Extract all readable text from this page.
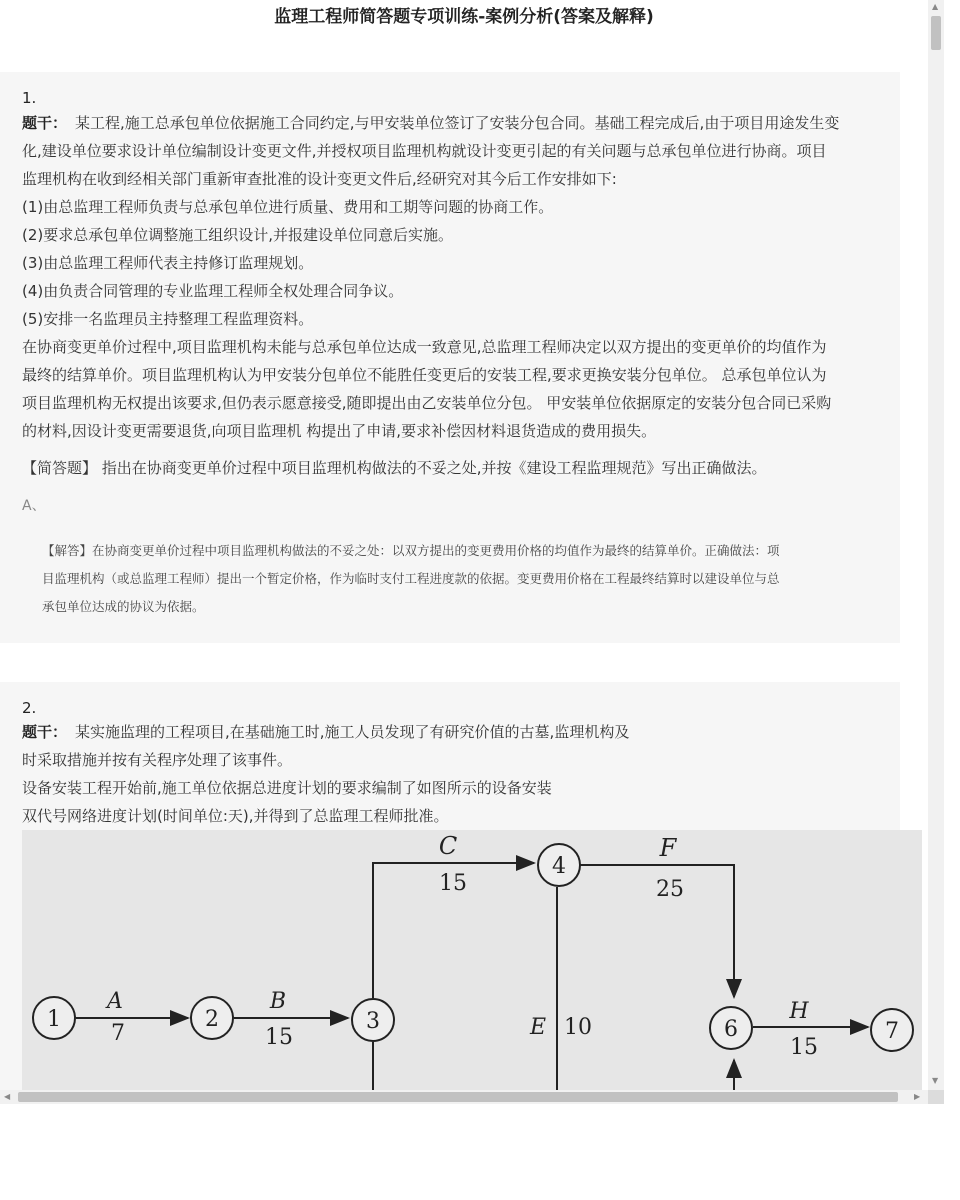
监理工程师简答题专项训练-案例分析(答案及解释)
1.

题干： 某工程,施工总承包单位依据施工合同约定,与甲安装单位签订了安装分包合同。基础工程完成后,由于项目用途发生变

化,建设单位要求设计单位编制设计变更文件,并授权项目监理机构就设计变更引起的有关问题与总承包单位进行协商。项目

监理机构在收到经相关部门重新审查批准的设计变更文件后,经研究对其今后工作安排如下:

(1)由总监理工程师负责与总承包单位进行质量、费用和工期等问题的协商工作。

(2)要求总承包单位调整施工组织设计,并报建设单位同意后实施。

(3)由总监理工程师代表主持修订监理规划。

(4)由负责合同管理的专业监理工程师全权处理合同争议。

(5)安排一名监理员主持整理工程监理资料。

在协商变更单价过程中,项目监理机构未能与总承包单位达成一致意见,总监理工程师决定以双方提出的变更单价的均值作为

最终的结算单价。项目监理机构认为甲安装分包单位不能胜任变更后的安装工程,要求更换安装分包单位。 总承包单位认为

项目监理机构无权提出该要求,但仍表示愿意接受,随即提出由乙安装单位分包。 甲安装单位依据原定的安装分包合同已采购

的材料,因设计变更需要退货,向项目监理机 构提出了申请,要求补偿因材料退货造成的费用损失。

【简答题】 指出在协商变更单价过程中项目监理机构做法的不妥之处,并按《建设工程监理规范》写出正确做法。
A、
【解答】在协商变更单价过程中项目监理机构做法的不妥之处：以双方提出的变更费用价格的均值作为最终的结算单价。正确做法：项
目监理机构（或总监理工程师）提出一个暂定价格，作为临时支付工程进度款的依据。变更费用价格在工程最终结算时以建设单位与总
承包单位达成的协议为依据。
2.

题干： 某实施监理的工程项目,在基础施工时,施工人员发现了有研究价值的古墓,监理机构及

时采取措施并按有关程序处理了该事件。

设备安装工程开始前,施工单位依据总进度计划的要求编制了如图所示的设备安装

双代号网络进度计划(时间单位:天),并得到了总监理工程师批准。

1	2	3
4
6	7
A
7
B
15
C
15
F
25
E 10
H
15
▲
▼
◀	▶
